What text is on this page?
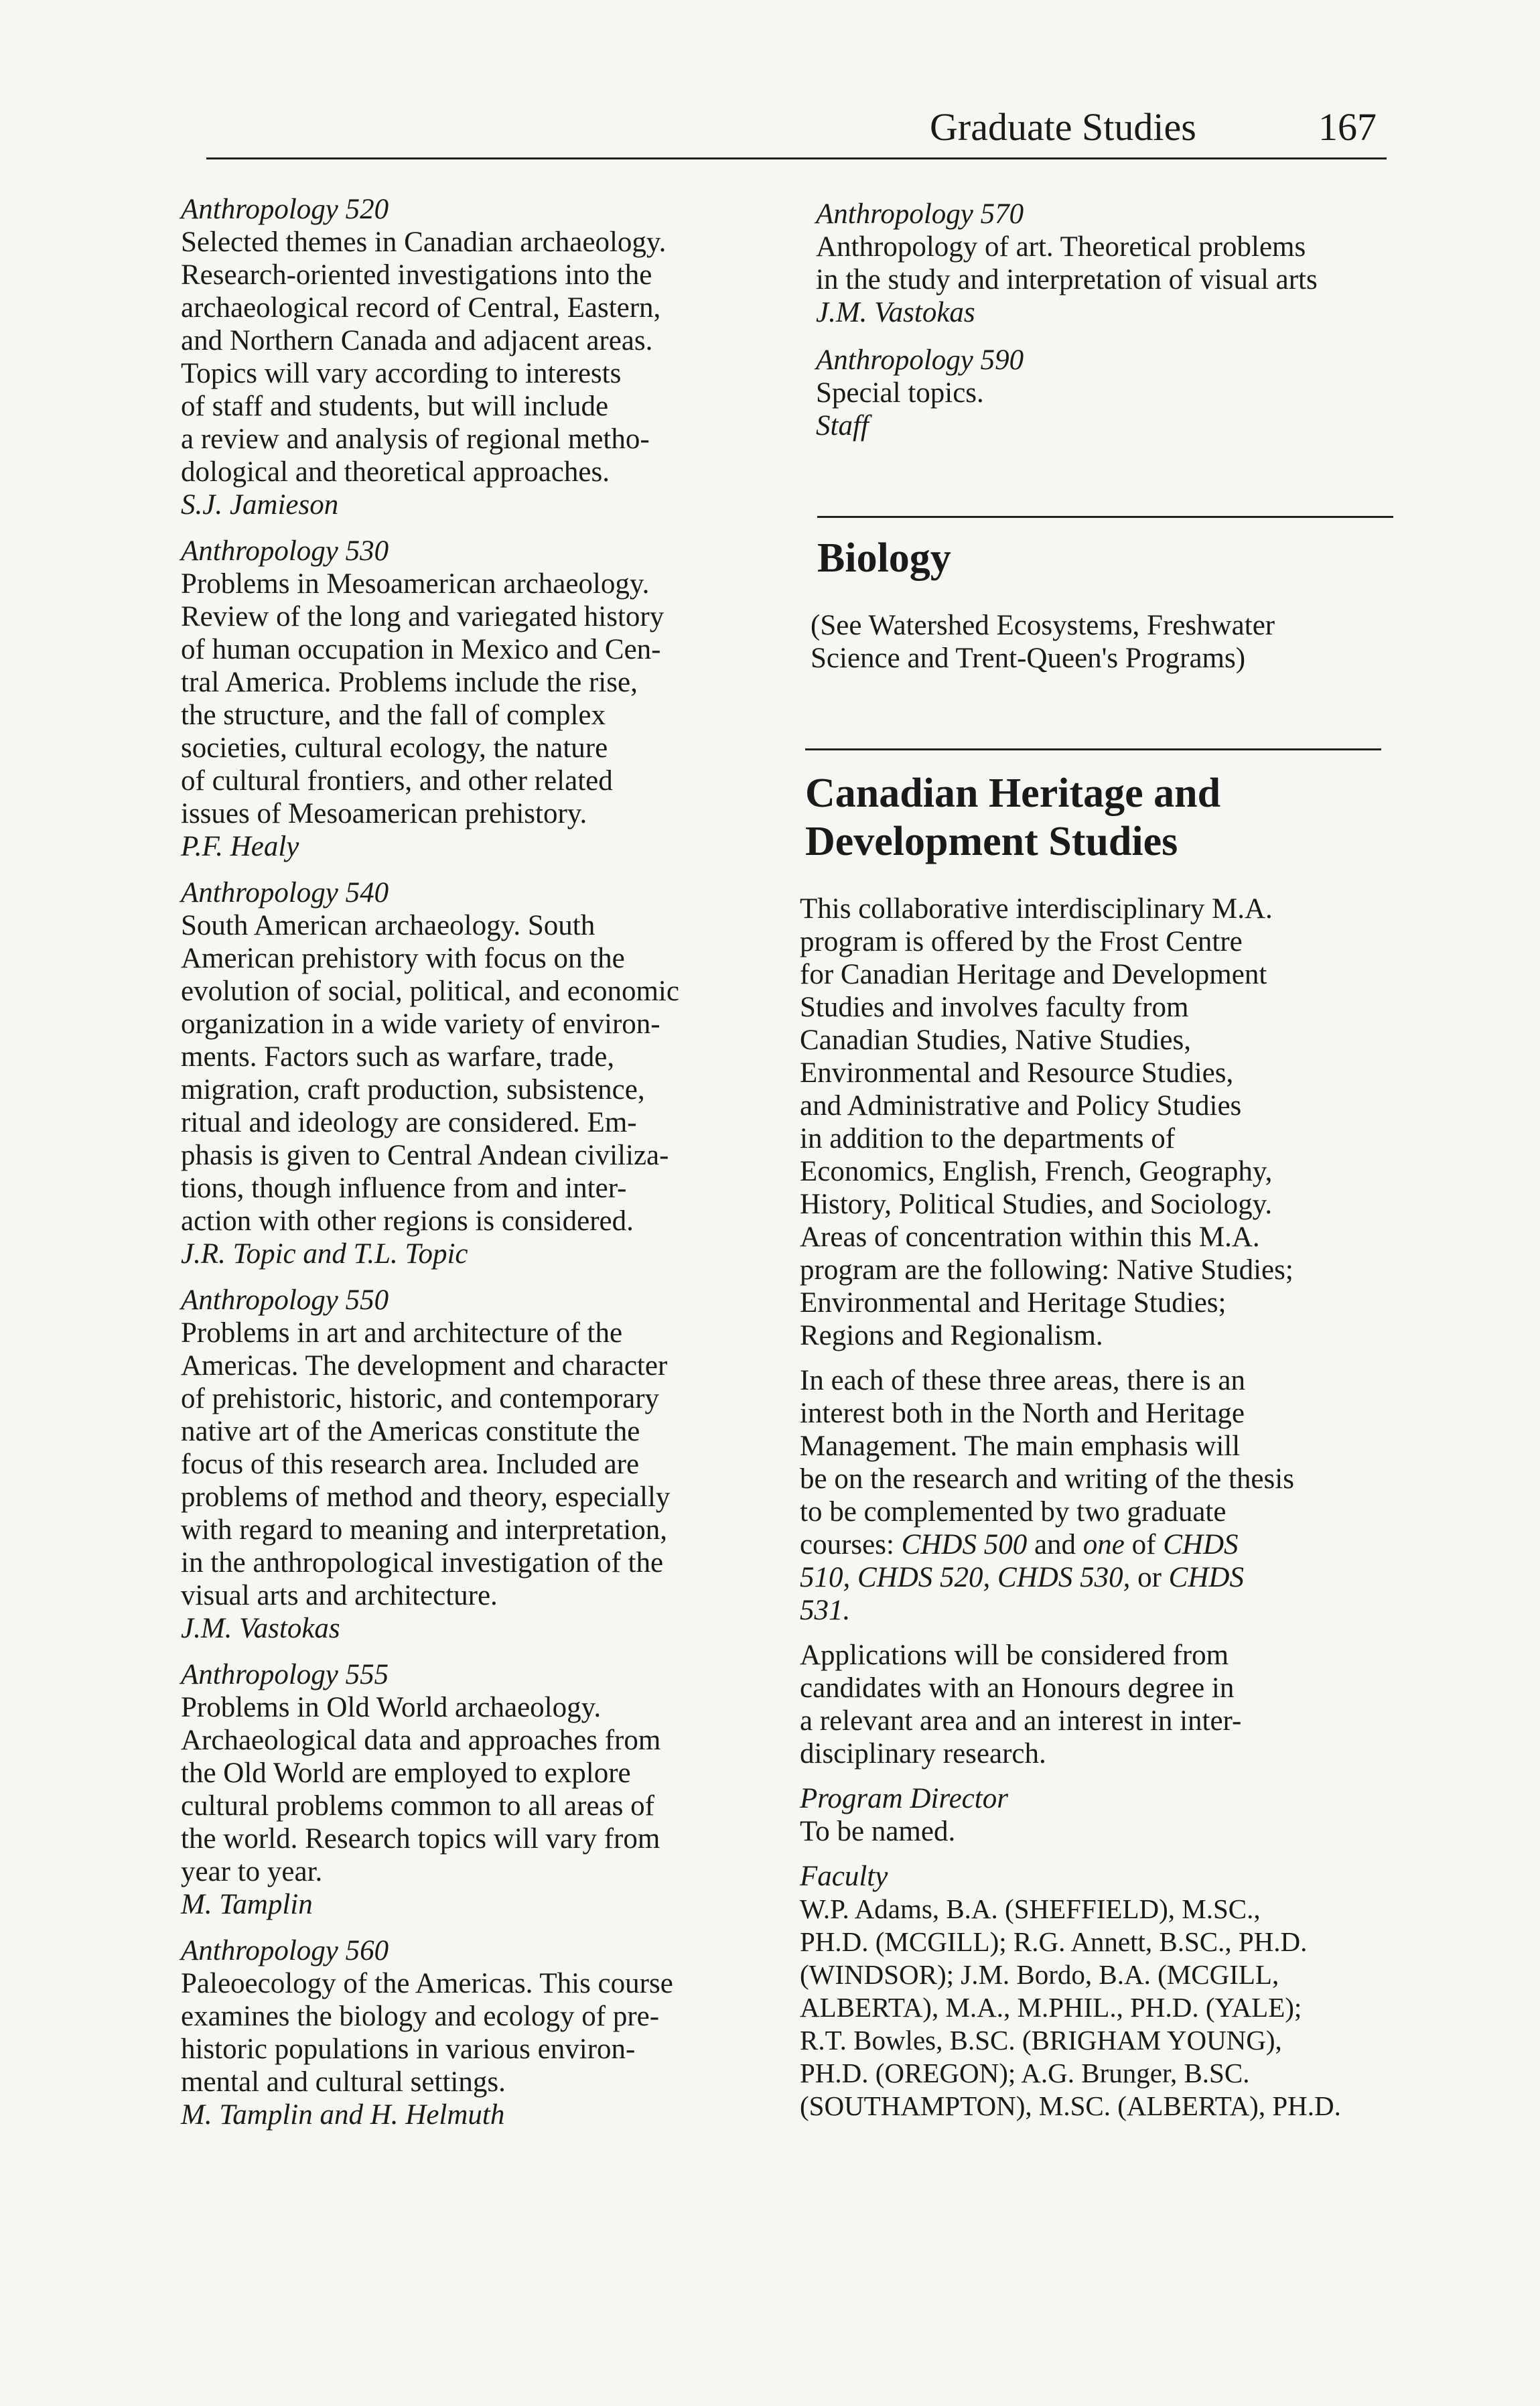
Graduate Studies	167
Anthropology 520
Selected themes in Canadian archaeology.
Research-oriented investigations into the
archaeological record of Central, Eastern,
and Northern Canada and adjacent areas.
Topics will vary according to interests
of staff and students, but will include
a review and analysis of regional metho-
dological and theoretical approaches.
S.J. Jamieson
Anthropology 530
Problems in Mesoamerican archaeology.
Review of the long and variegated history
of human occupation in Mexico and Cen-
tral America. Problems include the rise,
the structure, and the fall of complex
societies, cultural ecology, the nature
of cultural frontiers, and other related
issues of Mesoamerican prehistory.
P.F. Healy
Anthropology 540
South American archaeology. South
American prehistory with focus on the
evolution of social, political, and economic
organization in a wide variety of environ-
ments. Factors such as warfare, trade,
migration, craft production, subsistence,
ritual and ideology are considered. Em-
phasis is given to Central Andean civiliza-
tions, though influence from and inter-
action with other regions is considered.
J.R. Topic and T.L. Topic
Anthropology 550
Problems in art and architecture of the
Americas. The development and character
of prehistoric, historic, and contemporary
native art of the Americas constitute the
focus of this research area. Included are
problems of method and theory, especially
with regard to meaning and interpretation,
in the anthropological investigation of the
visual arts and architecture.
J.M. Vastokas
Anthropology 555
Problems in Old World archaeology.
Archaeological data and approaches from
the Old World are employed to explore
cultural problems common to all areas of
the world. Research topics will vary from
year to year.
M. Tamplin
Anthropology 560
Paleoecology of the Americas. This course
examines the biology and ecology of pre-
historic populations in various environ-
mental and cultural settings.
M. Tamplin and H. Helmuth
Anthropology 570
Anthropology of art. Theoretical problems
in the study and interpretation of visual arts
J.M. Vastokas
Anthropology 590
Special topics.
Staff
Biology
(See Watershed Ecosystems, Freshwater
Science and Trent-Queen's Programs)
Canadian Heritage and
Development Studies
This collaborative interdisciplinary M.A.
program is offered by the Frost Centre
for Canadian Heritage and Development
Studies and involves faculty from
Canadian Studies, Native Studies,
Environmental and Resource Studies,
and Administrative and Policy Studies
in addition to the departments of
Economics, English, French, Geography,
History, Political Studies, and Sociology.
Areas of concentration within this M.A.
program are the following: Native Studies;
Environmental and Heritage Studies;
Regions and Regionalism.
In each of these three areas, there is an
interest both in the North and Heritage
Management. The main emphasis will
be on the research and writing of the thesis
to be complemented by two graduate
courses: CHDS 500 and one of CHDS
510, CHDS 520, CHDS 530, or CHDS
531.
Applications will be considered from
candidates with an Honours degree in
a relevant area and an interest in inter-
disciplinary research.
Program Director
To be named.
Faculty
W.P. Adams, B.A. (SHEFFIELD), M.SC.,
PH.D. (MCGILL); R.G. Annett, B.SC., PH.D.
(WINDSOR); J.M. Bordo, B.A. (MCGILL,
ALBERTA), M.A., M.PHIL., PH.D. (YALE);
R.T. Bowles, B.SC. (BRIGHAM YOUNG),
PH.D. (OREGON); A.G. Brunger, B.SC.
(SOUTHAMPTON), M.SC. (ALBERTA), PH.D.
